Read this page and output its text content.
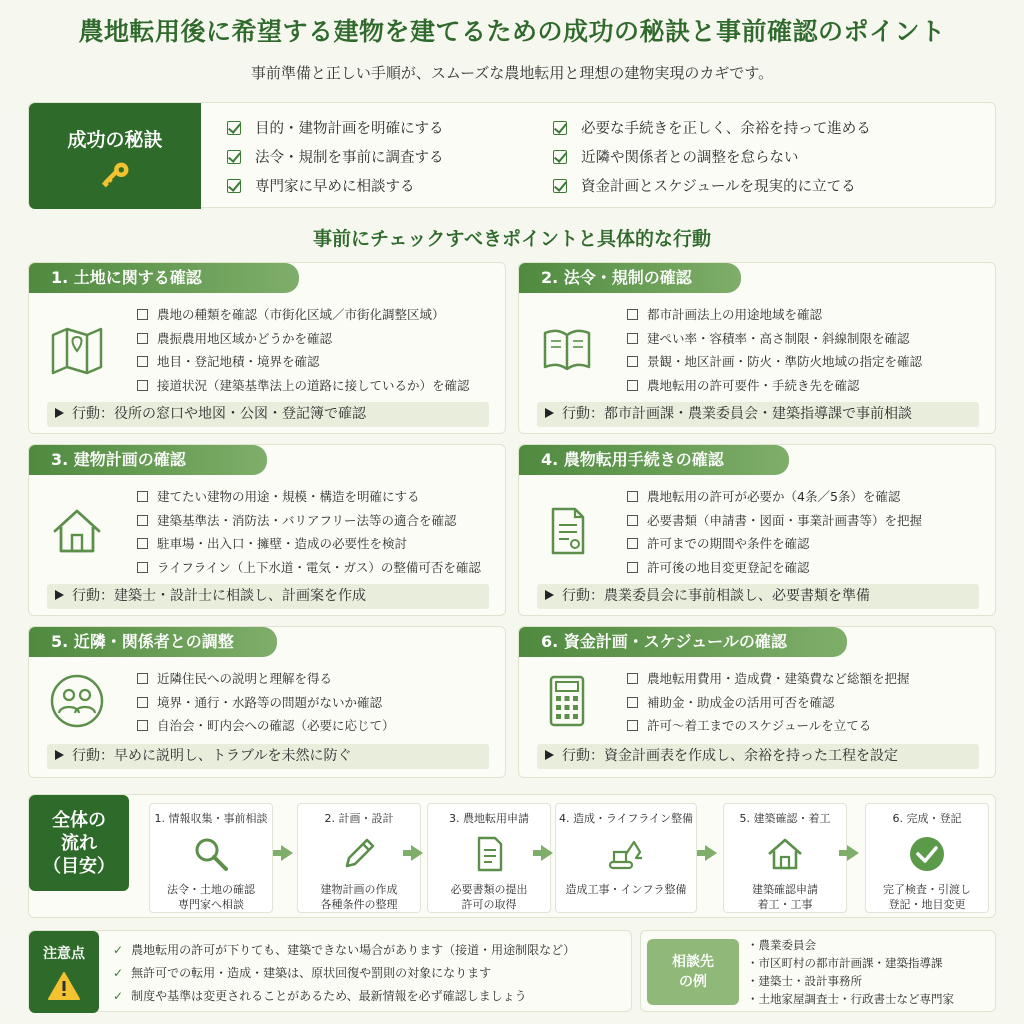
農地転用後に希望する建物を建てるための成功の秘訣と事前確認のポイント
事前準備と正しい手順が、スムーズな農地転用と理想の建物実現のカギです。
成功の秘訣	目的・建物計画を明確にする
法令・規制を事前に調査する
専門家に早めに相談する
必要な手続きを正しく、余裕を持って進める
近隣や関係者との調整を怠らない
資金計画とスケジュールを現実的に立てる
事前にチェックすべきポイントと具体的な行動
1. 土地に関する確認
農地の種類を確認（市街化区域／市街化調整区域）
農振農用地区域かどうかを確認
地目・登記地積・境界を確認
接道状況（建築基準法上の道路に接しているか）を確認
行動：役所の窓口や地図・公図・登記簿で確認
2. 法令・規制の確認
都市計画法上の用途地域を確認
建ぺい率・容積率・高さ制限・斜線制限を確認
景観・地区計画・防火・準防火地域の指定を確認
農地転用の許可要件・手続き先を確認
行動：都市計画課・農業委員会・建築指導課で事前相談
3. 建物計画の確認
建てたい建物の用途・規模・構造を明確にする
建築基準法・消防法・バリアフリー法等の適合を確認
駐車場・出入口・擁壁・造成の必要性を検討
ライフライン（上下水道・電気・ガス）の整備可否を確認
行動：建築士・設計士に相談し、計画案を作成
4. 農物転用手続きの確認
農地転用の許可が必要か（4条／5条）を確認
必要書類（申請書・図面・事業計画書等）を把握
許可までの期間や条件を確認
許可後の地目変更登記を確認
行動：農業委員会に事前相談し、必要書類を準備
5. 近隣・関係者との調整
近隣住民への説明と理解を得る
境界・通行・水路等の問題がないか確認
自治会・町内会への確認（必要に応じて）
行動：早めに説明し、トラブルを未然に防ぐ
6. 資金計画・スケジュールの確認
農地転用費用・造成費・建築費など総額を把握
補助金・助成金の活用可否を確認
許可〜着工までのスケジュールを立てる
行動：資金計画表を作成し、余裕を持った工程を設定
全体の
流れ
（目安）
1. 情報収集・事前相談
法令・土地の確認
専門家へ相談
2. 計画・設計
建物計画の作成
各種条件の整理
3. 農地転用申請
必要書類の提出
許可の取得
4. 造成・ライフライン整備
造成工事・インフラ整備
5. 建築確認・着工
建築確認申請
着工・工事
6. 完成・登記
完了検査・引渡し
登記・地目変更
注意点	✓ 農地転用の許可が下りても、建築できない場合があります（接道・用途制限など）
✓ 無許可での転用・造成・建築は、原状回復や罰則の対象になります
✓ 制度や基準は変更されることがあるため、最新情報を必ず確認しましょう
相談先
の例
・農業委員会
・市区町村の都市計画課・建築指導課
・建築士・設計事務所
・土地家屋調査士・行政書士など専門家
